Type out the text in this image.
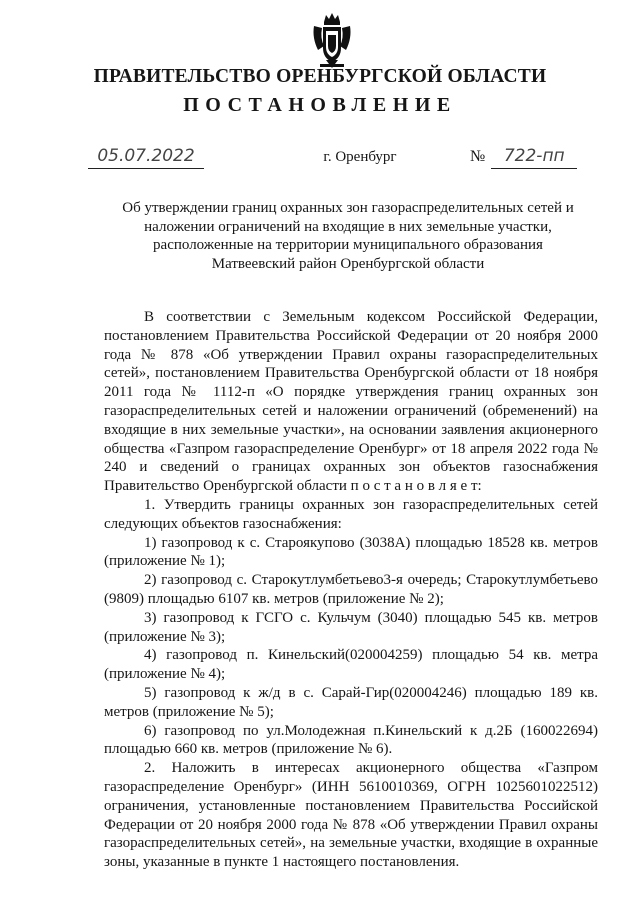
ПРАВИТЕЛЬСТВО ОРЕНБУРГСКОЙ ОБЛАСТИ
ПОСТАНОВЛЕНИЕ
05.07.2022	г. Оренбург	№ 722-пп
Об утверждении границ охранных зон газораспределительных сетей и наложении ограничений на входящие в них земельные участки, расположенные на территории муниципального образования Матвеевский район Оренбургской области

В соответствии с Земельным кодексом Российской Федерации, постановлением Правительства Российской Федерации от 20 ноября 2000 года № 878 «Об утверждении Правил охраны газораспределительных сетей», постановлением Правительства Оренбургской области от 18 ноября 2011 года № 1112-п «О порядке утверждения границ охранных зон газораспределительных сетей и наложении ограничений (обременений) на входящие в них земельные участки», на основании заявления акционерного общества «Газпром газораспределение Оренбург» от 18 апреля 2022 года № 240 и сведений о границах охранных зон объектов газоснабжения Правительство Оренбургской области п о с т а н о в л я е т:

1. Утвердить границы охранных зон газораспределительных сетей следующих объектов газоснабжения:

1) газопровод к с. Староякупово (3038А) площадью 18528 кв. метров (приложение № 1);

2) газопровод с. Старокутлумбетьево3-я очередь; Старокутлумбетьево (9809) площадью 6107 кв. метров (приложение № 2);

3) газопровод к ГСГО с. Кульчум (3040) площадью 545 кв. метров (приложение № 3);

4) газопровод п. Кинельский(020004259) площадью 54 кв. метра (приложение № 4);

5) газопровод к ж/д в с. Сарай-Гир(020004246) площадью 189 кв. метров (приложение № 5);

6) газопровод по ул.Молодежная п.Кинельский к д.2Б (160022694) площадью 660 кв. метров (приложение № 6).

2. Наложить в интересах акционерного общества «Газпром газораспределение Оренбург» (ИНН 5610010369, ОГРН 1025601022512) ограничения, установленные постановлением Правительства Российской Федерации от 20 ноября 2000 года № 878 «Об утверждении Правил охраны газораспределительных сетей», на земельные участки, входящие в охранные зоны, указанные в пункте 1 настоящего постановления.
